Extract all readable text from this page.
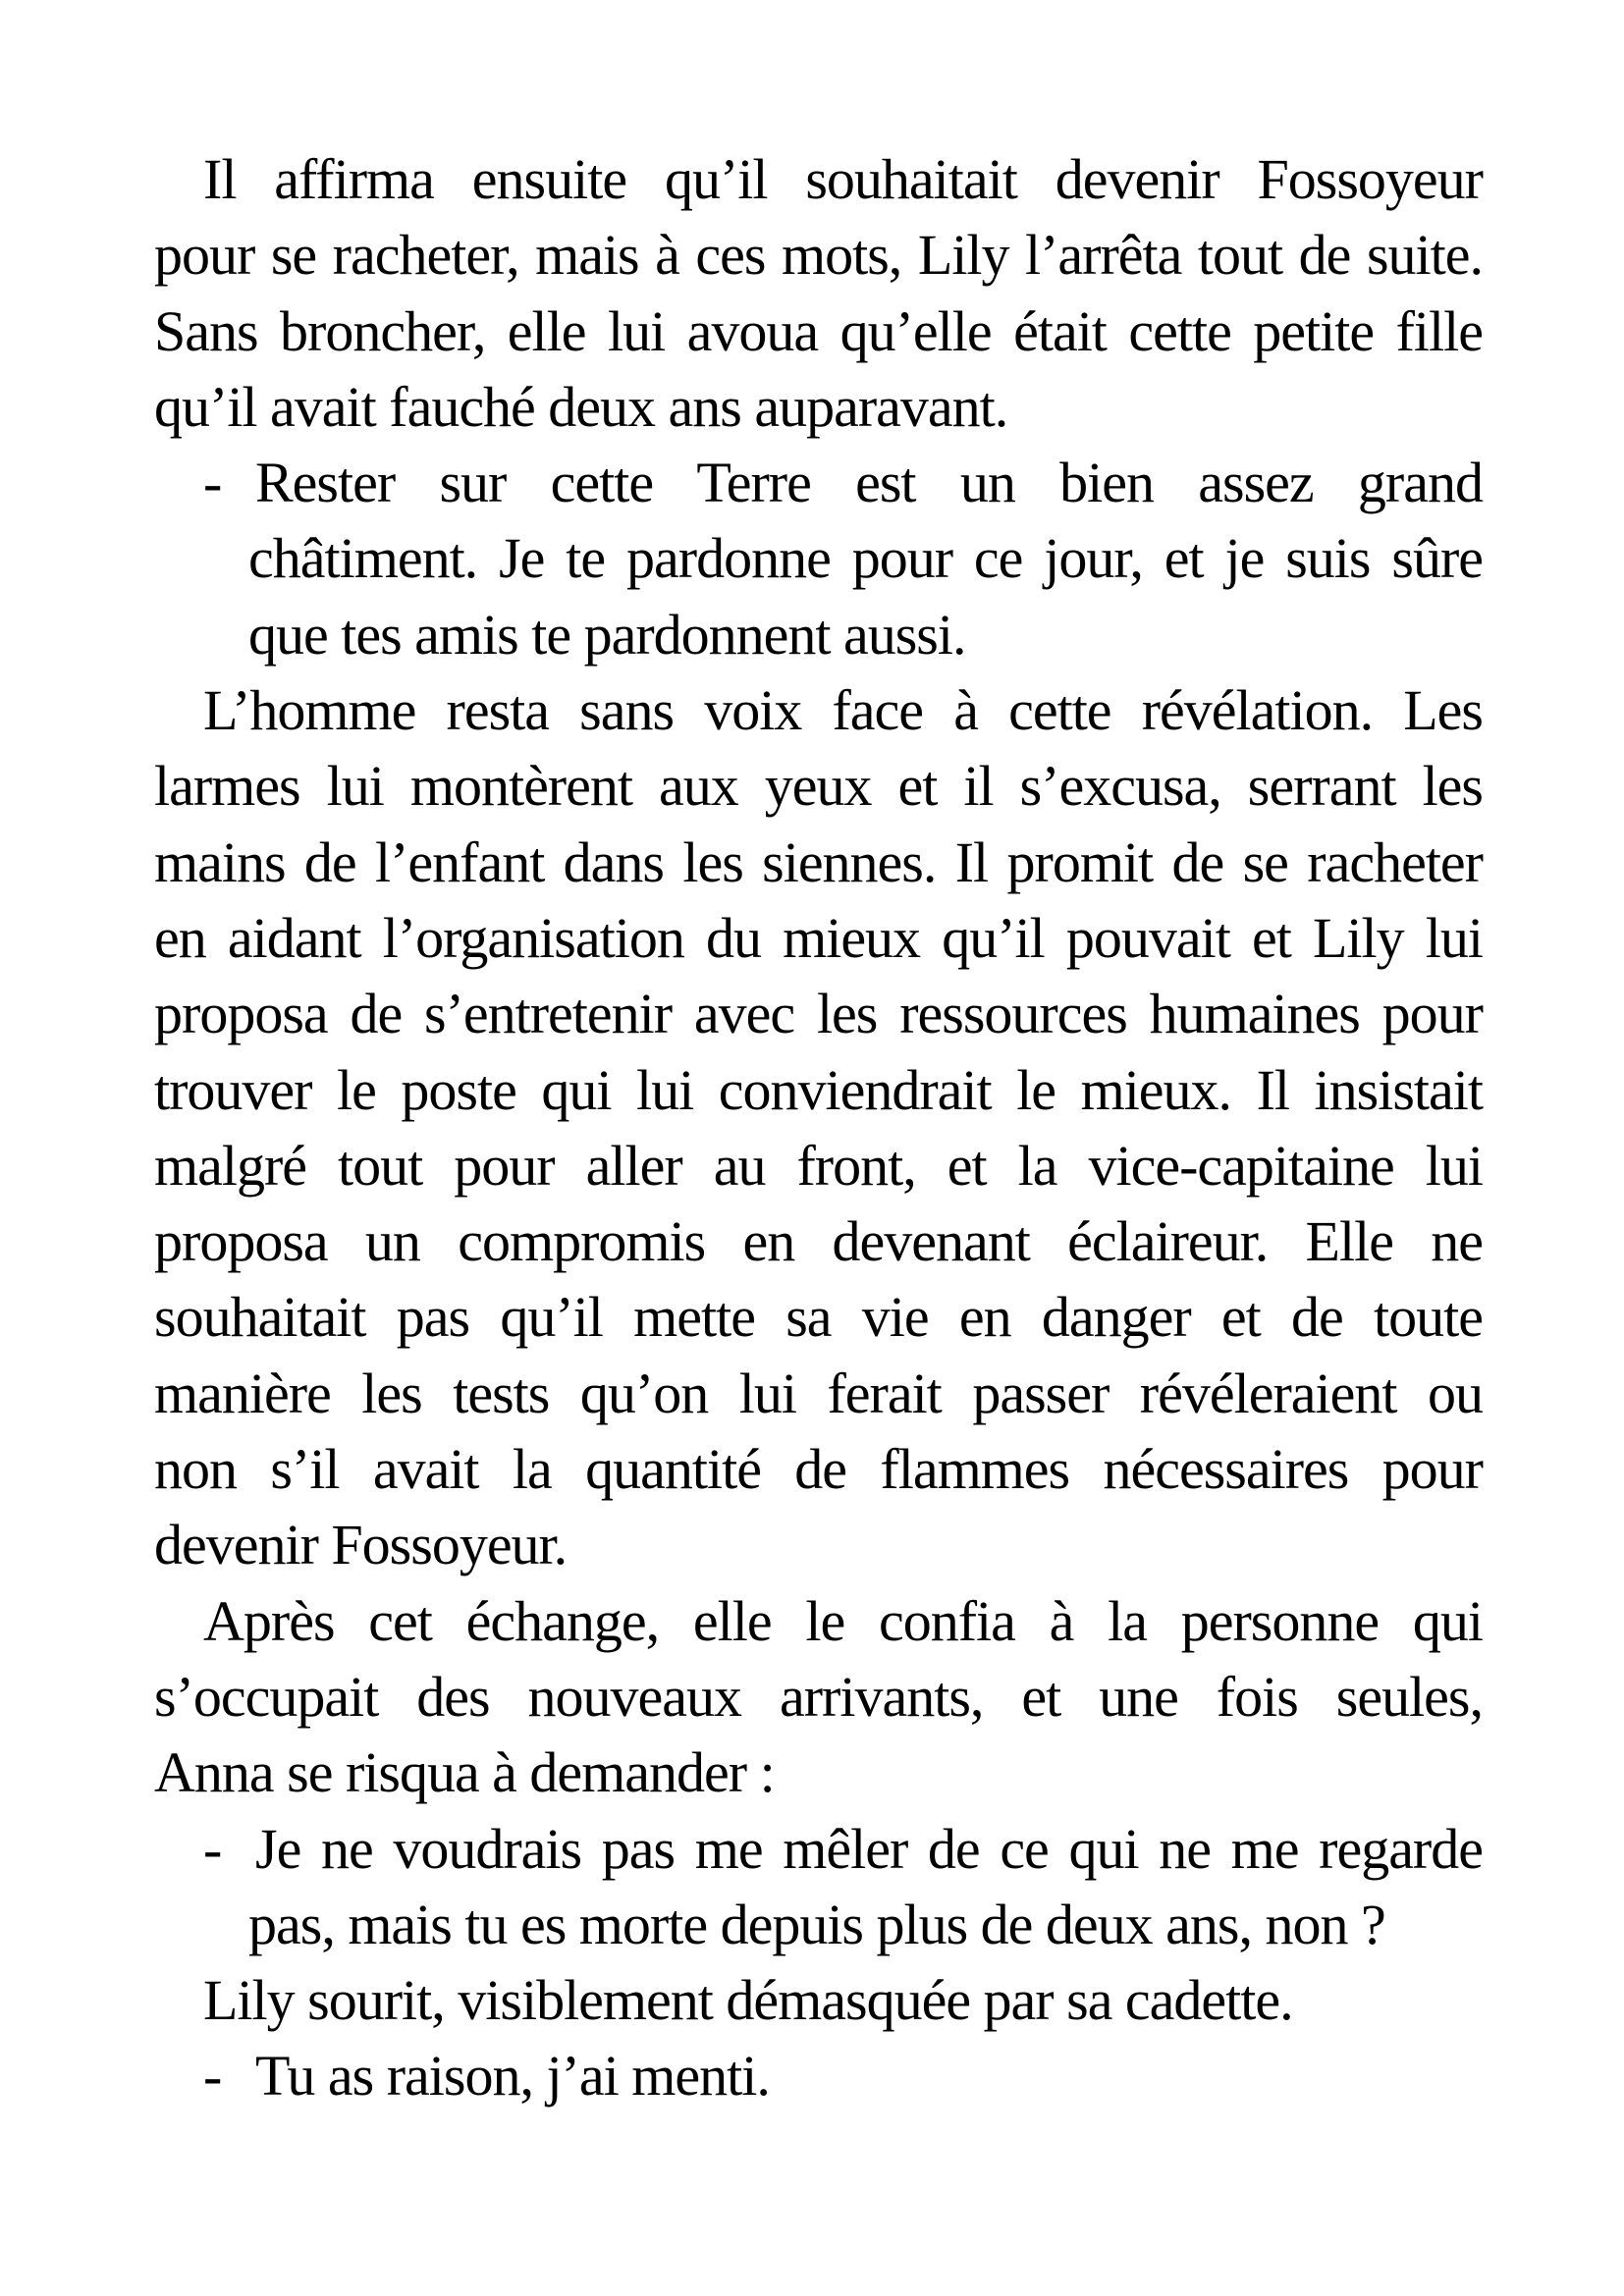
Il affirma ensuite qu’il souhaitait devenir Fossoyeur
pour se racheter, mais à ces mots, Lily l’arrêta tout de suite.
Sans broncher, elle lui avoua qu’elle était cette petite fille
qu’il avait fauché deux ans auparavant.
- Rester sur cette Terre est un bien assez grand
châtiment. Je te pardonne pour ce jour, et je suis sûre
que tes amis te pardonnent aussi.
L’homme resta sans voix face à cette révélation. Les
larmes lui montèrent aux yeux et il s’excusa, serrant les
mains de l’enfant dans les siennes. Il promit de se racheter
en aidant l’organisation du mieux qu’il pouvait et Lily lui
proposa de s’entretenir avec les ressources humaines pour
trouver le poste qui lui conviendrait le mieux. Il insistait
malgré tout pour aller au front, et la vice-capitaine lui
proposa un compromis en devenant éclaireur. Elle ne
souhaitait pas qu’il mette sa vie en danger et de toute
manière les tests qu’on lui ferait passer révéleraient ou
non s’il avait la quantité de flammes nécessaires pour
devenir Fossoyeur.
Après cet échange, elle le confia à la personne qui
s’occupait des nouveaux arrivants, et une fois seules,
Anna se risqua à demander :
- Je ne voudrais pas me mêler de ce qui ne me regarde
pas, mais tu es morte depuis plus de deux ans, non ?
Lily sourit, visiblement démasquée par sa cadette.
- Tu as raison, j’ai menti.
